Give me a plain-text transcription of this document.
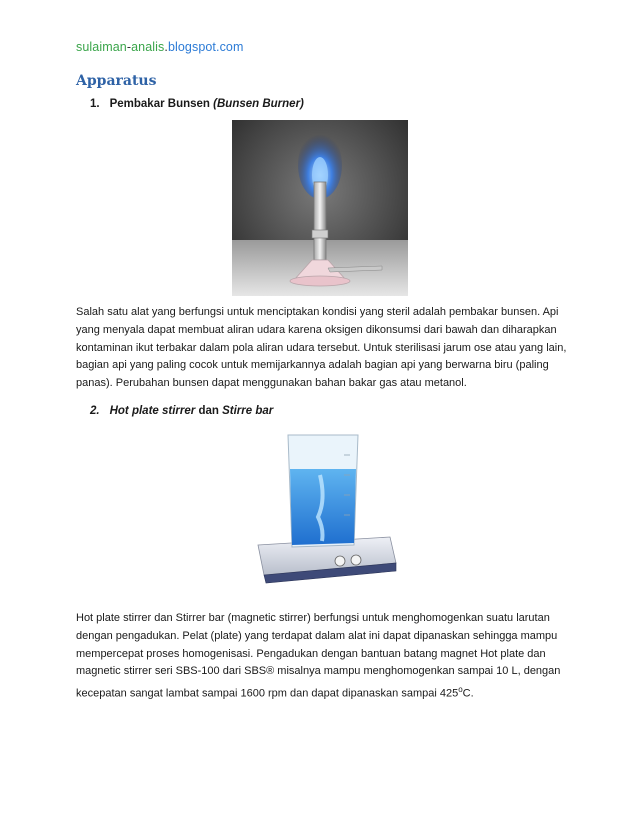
sulaiman-analis.blogspot.com
Apparatus
1. Pembakar Bunsen (Bunsen Burner)
Salah satu alat yang berfungsi untuk menciptakan kondisi yang steril adalah pembakar bunsen. Api yang menyala dapat membuat aliran udara karena oksigen dikonsumsi dari bawah dan diharapkan kontaminan ikut terbakar dalam pola aliran udara tersebut. Untuk sterilisasi jarum ose atau yang lain, bagian api yang paling cocok untuk memijarkannya adalah bagian api yang berwarna biru (paling panas). Perubahan bunsen dapat menggunakan bahan bakar gas atau metanol.
2. Hot plate stirrer dan Stirre bar
Hot plate stirrer dan Stirrer bar (magnetic stirrer) berfungsi untuk menghomogenkan suatu larutan dengan pengadukan. Pelat (plate) yang terdapat dalam alat ini dapat dipanaskan sehingga mampu mempercepat proses homogenisasi. Pengadukan dengan bantuan batang magnet Hot plate dan magnetic stirrer seri SBS-100 dari SBS® misalnya mampu menghomogenkan sampai 10 L, dengan kecepatan sangat lambat sampai 1600 rpm dan dapat dipanaskan sampai 425$^o$C.
